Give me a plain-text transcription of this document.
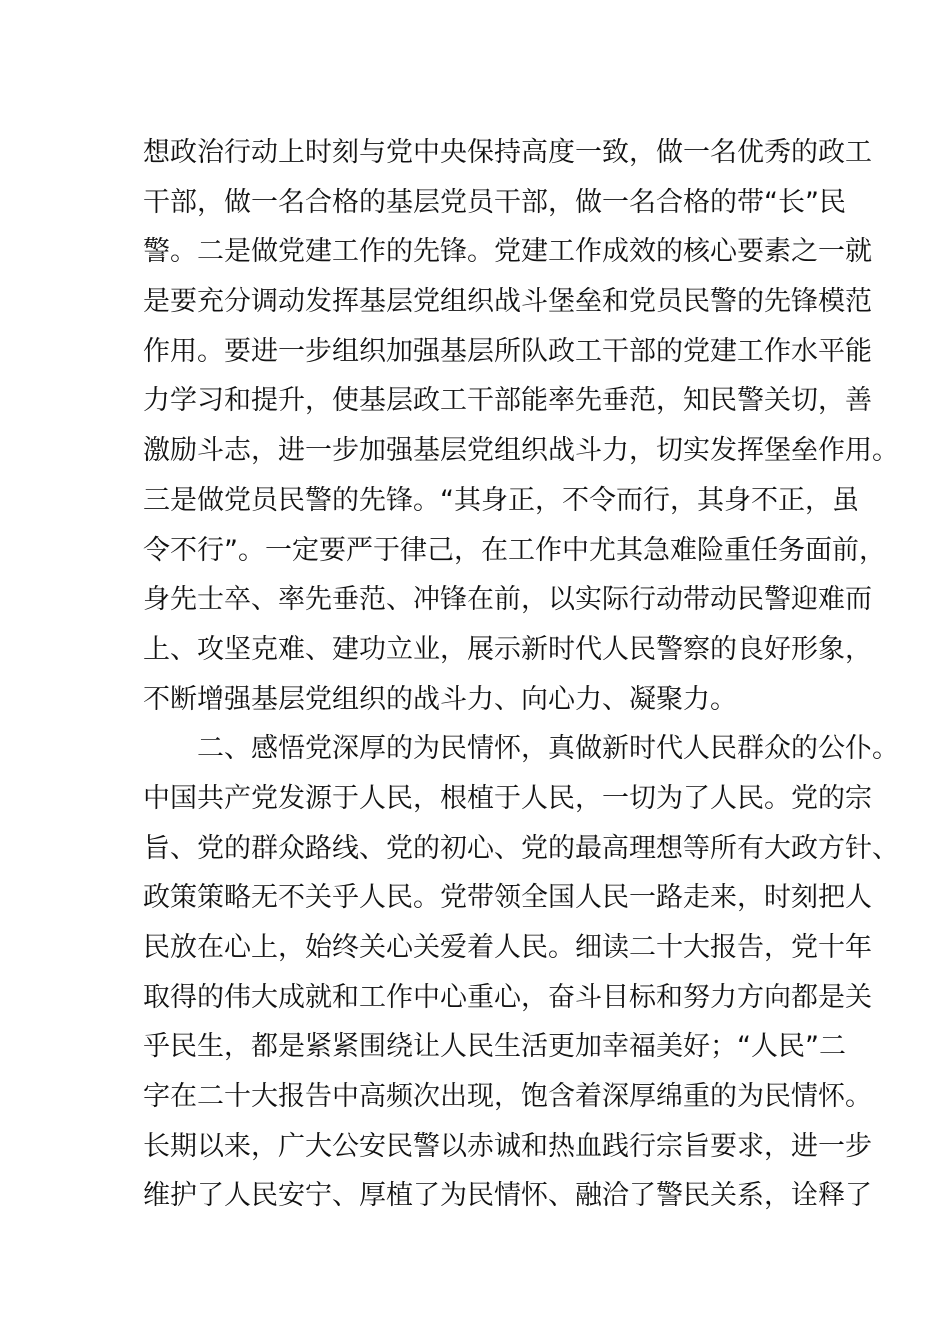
想政治行动上时刻与党中央保持高度一致，做一名优秀的政工
干部，做一名合格的基层党员干部，做一名合格的带“长”民
警。二是做党建工作的先锋。党建工作成效的核心要素之一就
是要充分调动发挥基层党组织战斗堡垒和党员民警的先锋模范
作用。要进一步组织加强基层所队政工干部的党建工作水平能
力学习和提升，使基层政工干部能率先垂范，知民警关切，善
激励斗志，进一步加强基层党组织战斗力，切实发挥堡垒作用。
三是做党员民警的先锋。“其身正，不令而行，其身不正，虽
令不行”。一定要严于律己，在工作中尤其急难险重任务面前，
身先士卒、率先垂范、冲锋在前，以实际行动带动民警迎难而
上、攻坚克难、建功立业，展示新时代人民警察的良好形象，
不断增强基层党组织的战斗力、向心力、凝聚力。
二、感悟党深厚的为民情怀，真做新时代人民群众的公仆。
中国共产党发源于人民，根植于人民，一切为了人民。党的宗
旨、党的群众路线、党的初心、党的最高理想等所有大政方针、
政策策略无不关乎人民。党带领全国人民一路走来，时刻把人
民放在心上，始终关心关爱着人民。细读二十大报告，党十年
取得的伟大成就和工作中心重心，奋斗目标和努力方向都是关
乎民生，都是紧紧围绕让人民生活更加幸福美好；“人民”二
字在二十大报告中高频次出现，饱含着深厚绵重的为民情怀。
长期以来，广大公安民警以赤诚和热血践行宗旨要求，进一步
维护了人民安宁、厚植了为民情怀、融洽了警民关系，诠释了
